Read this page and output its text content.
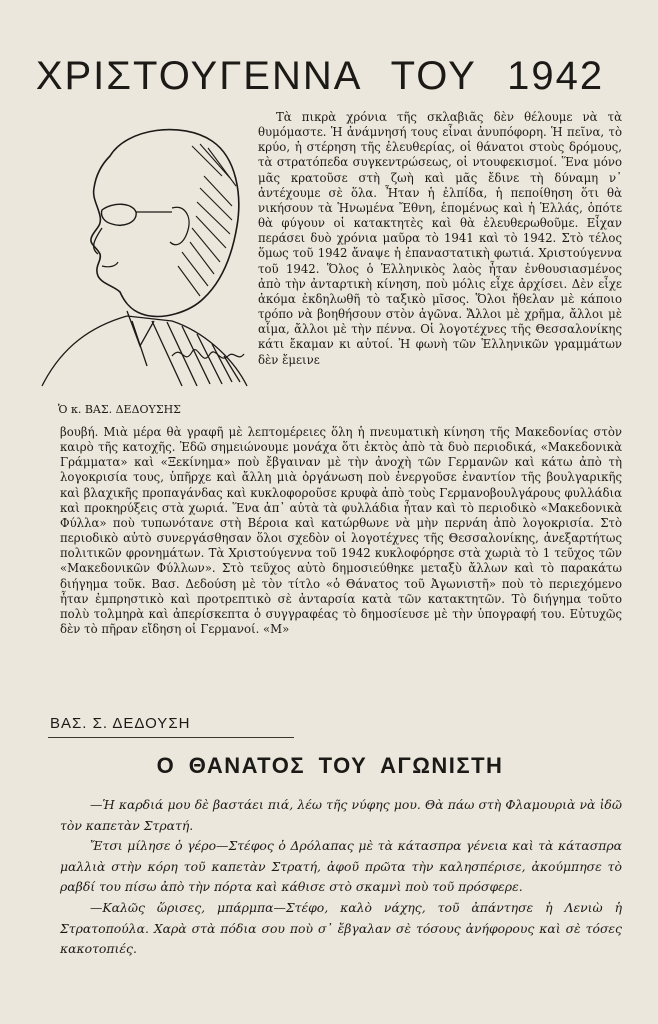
ΧΡΙΣΤΟΥΓΕΝΝΑ ΤΟΥ 1942
Ὁ κ. ΒΑΣ. ΔΕΔΟΥΣΗΣ

Τὰ πικρὰ χρόνια τῆς σκλαβιᾶς δὲν θέλουμε νὰ τὰ θυμόμαστε. Ἡ ἀνάμνησή τους εἶναι ἀνυπόφορη. Ἡ πεῖνα, τὸ κρύο, ἡ στέρηση τῆς ἐλευθερίας, οἱ θάνατοι στοὺς δρόμους, τὰ στρατόπεδα συγκεντρώσεως, οἱ ντουφεκισμοί. Ἕνα μόνο μᾶς κρατοῦσε στὴ ζωὴ καὶ μᾶς ἔδινε τὴ δύναμη ν᾿ ἀντέχουμε σὲ ὅλα. Ἦταν ἡ ἐλπίδα, ἡ πεποίθηση ὅτι θὰ νικήσουν τὰ Ἡνωμένα Ἔθνη, ἑπομένως καὶ ἡ Ἑλλάς, ὁπότε θὰ φύγουν οἱ κατακτητὲς καὶ θὰ ἐλευθερωθοῦμε. Εἶχαν περάσει δυὸ χρόνια μαῦρα τὸ 1941 καὶ τὸ 1942. Στὸ τέλος ὅμως τοῦ 1942 ἄναψε ἡ ἐπαναστατικὴ φωτιά. Χριστούγεννα τοῦ 1942. Ὅλος ὁ Ἑλληνικὸς λαὸς ἦταν ἐνθουσιασμένος ἀπὸ τὴν ἀνταρτικὴ κίνηση, ποὺ μόλις εἶχε ἀρχίσει. Δὲν εἶχε ἀκόμα ἐκδηλωθῆ τὸ ταξικὸ μῖσος. Ὅλοι ἤθελαν μὲ κάποιο τρόπο νὰ βοηθήσουν στὸν ἀγῶνα. Ἄλλοι μὲ χρῆμα, ἄλλοι μὲ αἷμα, ἄλλοι μὲ τὴν πέννα. Οἱ λογοτέχνες τῆς Θεσσαλονίκης κάτι ἔκαμαν κι αὐτοί. Ἡ φωνὴ τῶν Ἑλληνικῶν γραμμάτων δὲν ἔμεινε

βουβή. Μιὰ μέρα θὰ γραφῆ μὲ λεπτομέρειες ὅλη ἡ πνευματικὴ κίνηση τῆς Μακεδονίας στὸν καιρὸ τῆς κατοχῆς. Ἐδῶ σημειώνουμε μονάχα ὅτι ἐκτὸς ἀπὸ τὰ δυὸ περιοδικά, «Μακεδονικὰ Γράμματα» καὶ «Ξεκίνημα» ποὺ ἔβγαιναν μὲ τὴν ἀνοχὴ τῶν Γερμανῶν καὶ κάτω ἀπὸ τὴ λογοκρισία τους, ὑπῆρχε καὶ ἄλλη μιὰ ὀργάνωση ποὺ ἐνεργοῦσε ἐναντίον τῆς βουλγαρικῆς καὶ βλαχικῆς προπαγάνδας καὶ κυκλοφοροῦσε κρυφὰ ἀπὸ τοὺς Γερμανοβουλγάρους φυλλάδια καὶ προκηρύξεις στὰ χωριά. Ἕνα ἀπ᾿ αὐτὰ τὰ φυλλάδια ἦταν καὶ τὸ περιοδικὸ «Μακεδονικὰ Φύλλα» ποὺ τυπωνότανε στὴ Βέροια καὶ κατώρθωνε νὰ μὴν περνάη ἀπὸ λογοκρισία. Στὸ περιοδικὸ αὐτὸ συνεργάσθησαν ὅλοι σχεδὸν οἱ λογοτέχνες τῆς Θεσσαλονίκης, ἀνεξαρτήτως πολιτικῶν φρονημάτων. Τὰ Χριστούγεννα τοῦ 1942 κυκλοφόρησε στὰ χωριὰ τὸ 1 τεῦχος τῶν «Μακεδονικῶν Φύλλων». Στὸ τεῦχος αὐτὸ δημοσιεύθηκε μεταξὺ ἄλλων καὶ τὸ παρακάτω διήγημα τοῦκ. Βασ. Δεδούση μὲ τὸν τίτλο «ὁ Θάνατος τοῦ Ἀγωνιστῆ» ποὺ τὸ περιεχόμενο ἦταν ἐμπρηστικὸ καὶ προτρεπτικὸ σὲ ἀνταρσία κατὰ τῶν κατακτητῶν. Τὸ διήγημα τοῦτο πολὺ τολμηρὰ καὶ ἀπερίσκεπτα ὁ συγγραφέας τὸ δημοσίευσε μὲ τὴν ὑπογραφή του. Εὐτυχῶς δὲν τὸ πῆραν εἴδηση οἱ Γερμανοί. «Μ»

ΒΑΣ. Σ. ΔΕΔΟΥΣΗ
Ο ΘΑΝΑΤΟΣ ΤΟΥ ΑΓΩΝΙΣΤΗ

—Ἡ καρδιά μου δὲ βαστάει πιά, λέω τῆς νύφης μου. Θὰ πάω στὴ Φλαμουριὰ νὰ ἰδῶ τὸν καπετὰν Στρατή.

Ἔτσι μίλησε ὁ γέρο—Στέφος ὁ Δρόλαπας μὲ τὰ κάτασπρα γένεια καὶ τὰ κάτασπρα μαλλιὰ στὴν κόρη τοῦ καπετὰν Στρατή, ἀφοῦ πρῶτα τὴν καλησπέρισε, ἀκούμπησε τὸ ραβδί του πίσω ἀπὸ τὴν πόρτα καὶ κάθισε στὸ σκαμνὶ ποὺ τοῦ πρόσφερε.

—Καλῶς ὥρισες, μπάρμπα—Στέφο, καλὸ νάχης, τοῦ ἀπάντησε ἡ Λενιὼ ἡ Στρατοπούλα. Χαρὰ στὰ πόδια σου ποὺ σ᾿ ἔβγαλαν σὲ τόσους ἀνήφορους καὶ σὲ τόσες κακοτοπιές.
